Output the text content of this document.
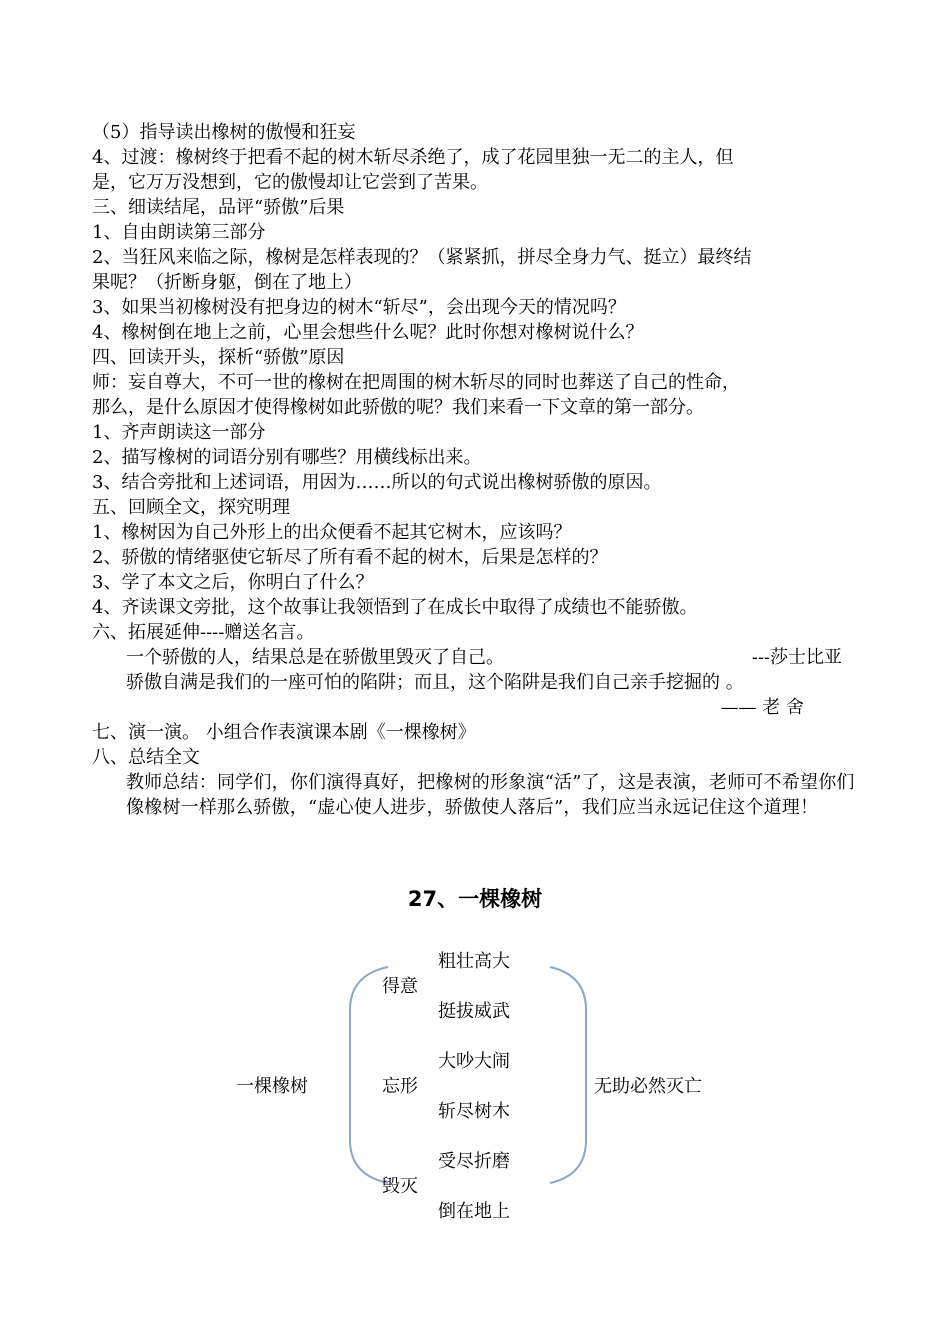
（5）指导读出橡树的傲慢和狂妄
4、过渡：橡树终于把看不起的树木斩尽杀绝了，成了花园里独一无二的主人，但
是，它万万没想到，它的傲慢却让它尝到了苦果。
三、细读结尾，品评“骄傲”后果
1、自由朗读第三部分
2、当狂风来临之际，橡树是怎样表现的？（紧紧抓，拼尽全身力气、挺立）最终结
果呢？（折断身躯，倒在了地上）
3、如果当初橡树没有把身边的树木“斩尽”，会出现今天的情况吗？
4、橡树倒在地上之前，心里会想些什么呢？此时你想对橡树说什么？
四、回读开头，探析“骄傲”原因
师：妄自尊大，不可一世的橡树在把周围的树木斩尽的同时也葬送了自己的性命，
那么，是什么原因才使得橡树如此骄傲的呢？我们来看一下文章的第一部分。
1、齐声朗读这一部分
2、描写橡树的词语分别有哪些？用横线标出来。
3、结合旁批和上述词语，用因为……所以的句式说出橡树骄傲的原因。
五、回顾全文，探究明理
1、橡树因为自己外形上的出众便看不起其它树木，应该吗？
2、骄傲的情绪驱使它斩尽了所有看不起的树木，后果是怎样的？
3、学了本文之后，你明白了什么？
4、齐读课文旁批，这个故事让我领悟到了在成长中取得了成绩也不能骄傲。
六、拓展延伸----赠送名言。
一个骄傲的人，结果总是在骄傲里毁灭了自己。	---莎士比亚
骄傲自满是我们的一座可怕的陷阱；而且，这个陷阱是我们自己亲手挖掘的 。
—— 老 舍
七、演一演。 小组合作表演课本剧《一棵橡树》
八、总结全文
教师总结：同学们，你们演得真好，把橡树的形象演“活”了，这是表演，老师可不希望你们像橡树一样那么骄傲，“虚心使人进步，骄傲使人落后”，我们应当永远记住这个道理！
27、一棵橡树
一棵橡树	无助必然灭亡
得意
粗壮高大
挺拔威武
忘形
大吵大闹
斩尽树木
毁灭
受尽折磨
倒在地上
